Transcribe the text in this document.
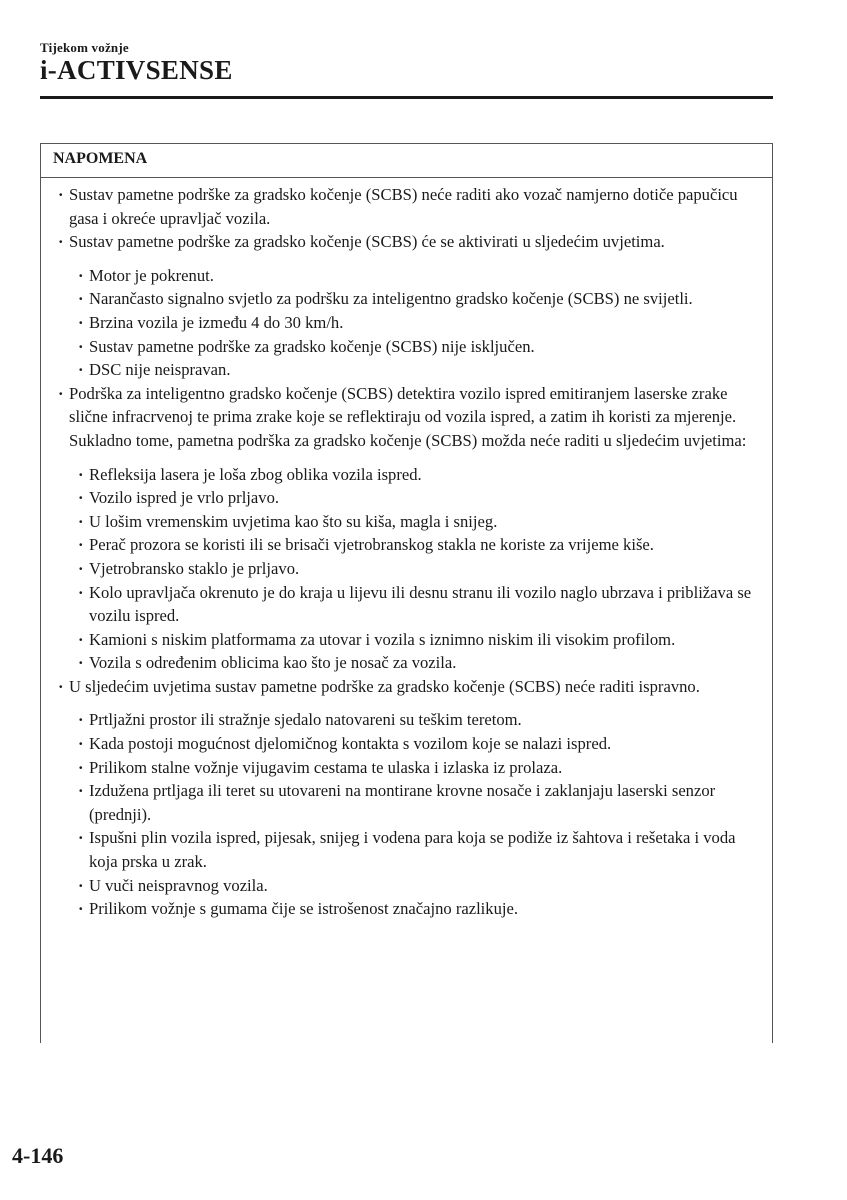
Tijekom vožnje
i-ACTIVSENSE
NAPOMENA
· Sustav pametne podrške za gradsko kočenje (SCBS) neće raditi ako vozač namjerno dotiče papučicu gasa i okreće upravljač vozila.
· Sustav pametne podrške za gradsko kočenje (SCBS) će se aktivirati u sljedećim uvjetima.
· Motor je pokrenut.
· Narančasto signalno svjetlo za podršku za inteligentno gradsko kočenje (SCBS) ne svijetli.
· Brzina vozila je između 4 do 30 km/h.
· Sustav pametne podrške za gradsko kočenje (SCBS) nije isključen.
· DSC nije neispravan.
· Podrška za inteligentno gradsko kočenje (SCBS) detektira vozilo ispred emitiranjem laserske zrake slične infracrvenoj te prima zrake koje se reflektiraju od vozila ispred, a zatim ih koristi za mjerenje. Sukladno tome, pametna podrška za gradsko kočenje (SCBS) možda neće raditi u sljedećim uvjetima:
· Refleksija lasera je loša zbog oblika vozila ispred.
· Vozilo ispred je vrlo prljavo.
· U lošim vremenskim uvjetima kao što su kiša, magla i snijeg.
· Perač prozora se koristi ili se brisači vjetrobranskog stakla ne koriste za vrijeme kiše.
· Vjetrobransko staklo je prljavo.
· Kolo upravljača okrenuto je do kraja u lijevu ili desnu stranu ili vozilo naglo ubrzava i približava se vozilu ispred.
· Kamioni s niskim platformama za utovar i vozila s iznimno niskim ili visokim profilom.
· Vozila s određenim oblicima kao što je nosač za vozila.
· U sljedećim uvjetima sustav pametne podrške za gradsko kočenje (SCBS) neće raditi ispravno.
· Prtljažni prostor ili stražnje sjedalo natovareni su teškim teretom.
· Kada postoji mogućnost djelomičnog kontakta s vozilom koje se nalazi ispred.
· Prilikom stalne vožnje vijugavim cestama te ulaska i izlaska iz prolaza.
· Izdužena prtljaga ili teret su utovareni na montirane krovne nosače i zaklanjaju laserski senzor (prednji).
· Ispušni plin vozila ispred, pijesak, snijeg i vodena para koja se podiže iz šahtova i rešetaka i voda koja prska u zrak.
· U vuči neispravnog vozila.
· Prilikom vožnje s gumama čije se istrošenost značajno razlikuje.
4-146
